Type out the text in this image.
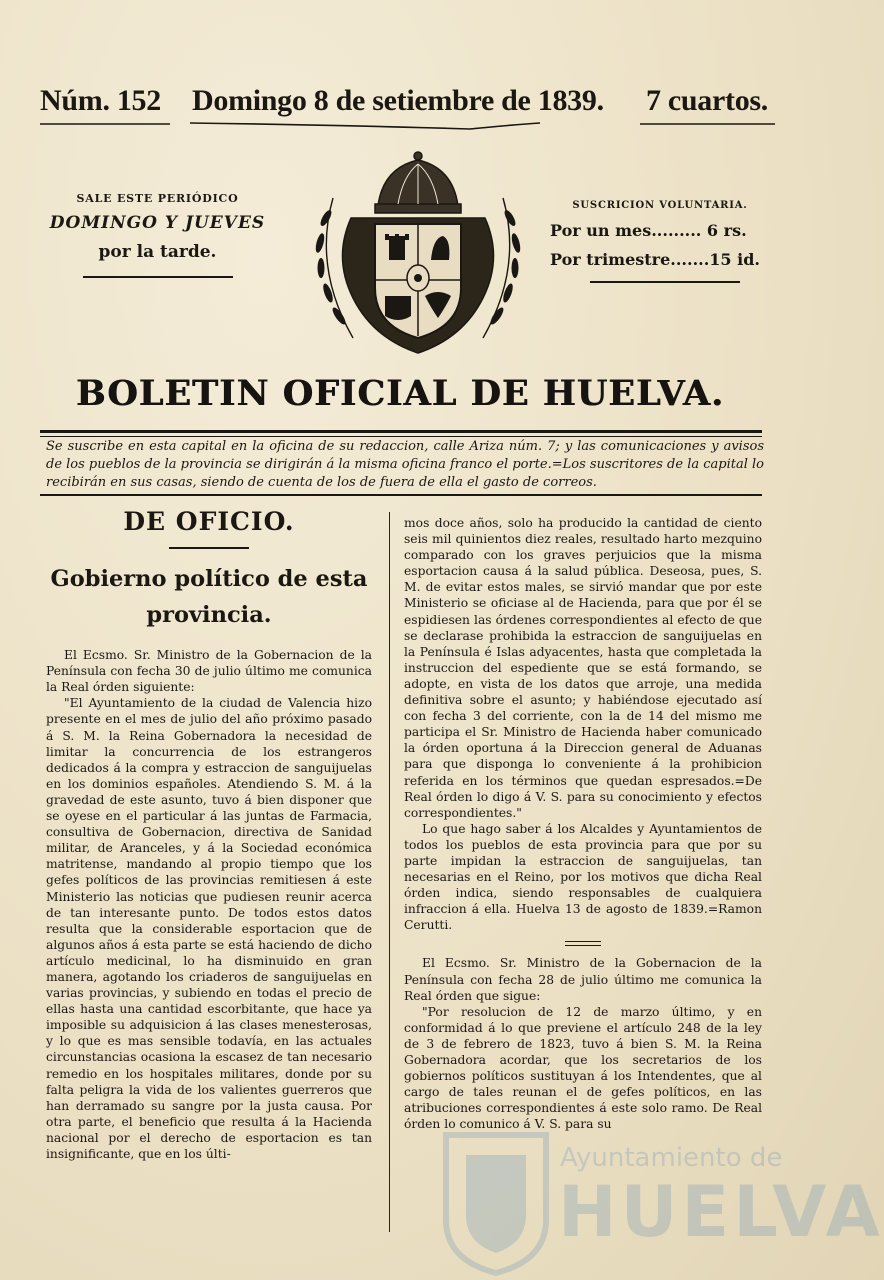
Núm. 152 Domingo 8 de setiembre de 1839. 7 cuartos.
SALE ESTE PERIÓDICO
DOMINGO Y JUEVES
por la tarde.
SUSCRICION VOLUNTARIA.
Por un mes......... 6 rs.
Por trimestre.......15 id.
BOLETIN OFICIAL DE HUELVA.
Se suscribe en esta capital en la oficina de su redaccion, calle Ariza núm. 7; y las comunicaciones y avisos de los pueblos de la provincia se dirigirán á la misma oficina franco el porte.=Los suscritores de la capital lo recibirán en sus casas, siendo de cuenta de los de fuera de ella el gasto de correos.
DE OFICIO.
Gobierno político de esta provincia.

El Ecsmo. Sr. Ministro de la Gobernacion de la Península con fecha 30 de julio último me comunica la Real órden siguiente:

"El Ayuntamiento de la ciudad de Valencia hizo presente en el mes de julio del año próximo pasado á S. M. la Reina Gobernadora la necesidad de limitar la concurrencia de los estrangeros dedicados á la compra y estraccion de sanguijuelas en los dominios españoles. Atendiendo S. M. á la gravedad de este asunto, tuvo á bien disponer que se oyese en el particular á las juntas de Farmacia, consultiva de Gobernacion, directiva de Sanidad militar, de Aranceles, y á la Sociedad económica matritense, mandando al propio tiempo que los gefes políticos de las provincias remitiesen á este Ministerio las noticias que pudiesen reunir acerca de tan interesante punto. De todos estos datos resulta que la considerable esportacion que de algunos años á esta parte se está haciendo de dicho artículo medicinal, lo ha disminuido en gran manera, agotando los criaderos de sanguijuelas en varias provincias, y subiendo en todas el precio de ellas hasta una cantidad escorbitante, que hace ya imposible su adquisicion á las clases menesterosas, y lo que es mas sensible todavía, en las actuales circunstancias ocasiona la escasez de tan necesario remedio en los hospitales militares, donde por su falta peligra la vida de los valientes guerreros que han derramado su sangre por la justa causa. Por otra parte, el beneficio que resulta á la Hacienda nacional por el derecho de esportacion es tan insignificante, que en los últi-

mos doce años, solo ha producido la cantidad de ciento seis mil quinientos diez reales, resultado harto mezquino comparado con los graves perjuicios que la misma esportacion causa á la salud pública. Deseosa, pues, S. M. de evitar estos males, se sirvió mandar que por este Ministerio se oficiase al de Hacienda, para que por él se espidiesen las órdenes correspondientes al efecto de que se declarase prohibida la estraccion de sanguijuelas en la Península é Islas adyacentes, hasta que completada la instruccion del espediente que se está formando, se adopte, en vista de los datos que arroje, una medida definitiva sobre el asunto; y habiéndose ejecutado así con fecha 3 del corriente, con la de 14 del mismo me participa el Sr. Ministro de Hacienda haber comunicado la órden oportuna á la Direccion general de Aduanas para que disponga lo conveniente á la prohibicion referida en los términos que quedan espresados.=De Real órden lo digo á V. S. para su conocimiento y efectos correspondientes."

Lo que hago saber á los Alcaldes y Ayuntamientos de todos los pueblos de esta provincia para que por su parte impidan la estraccion de sanguijuelas, tan necesarias en el Reino, por los motivos que dicha Real órden indica, siendo responsables de cualquiera infraccion á ella. Huelva 13 de agosto de 1839.=Ramon Cerutti.

El Ecsmo. Sr. Ministro de la Gobernacion de la Península con fecha 28 de julio último me comunica la Real órden que sigue:

"Por resolucion de 12 de marzo último, y en conformidad á lo que previene el artículo 248 de la ley de 3 de febrero de 1823, tuvo á bien S. M. la Reina Gobernadora acordar, que los secretarios de los gobiernos políticos sustituyan á los Intendentes, que al cargo de tales reunan el de gefes políticos, en las atribuciones correspondientes á este solo ramo. De Real órden lo comunico á V. S. para su

Ayuntamiento de
HUELVA
